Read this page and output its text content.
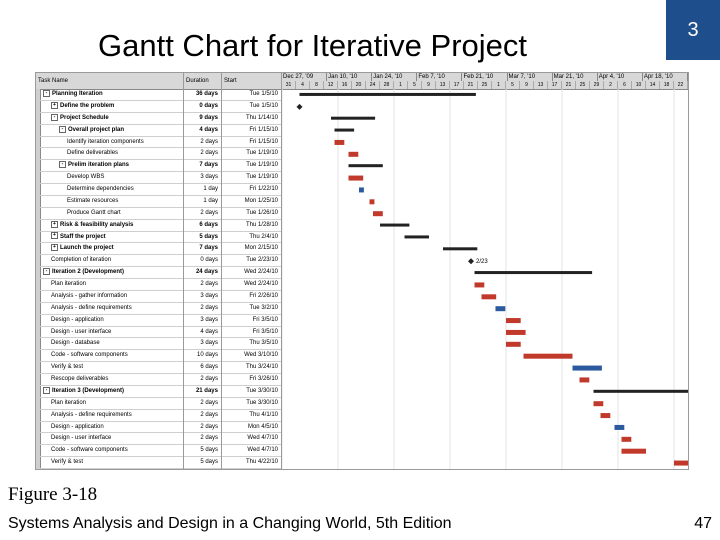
Gantt Chart for Iterative Project	3
Task Name	Duration	Start
- Planning Iteration	36 days	Tue 1/5/10
+ Define the problem	0 days	Tue 1/5/10
- Project Schedule	9 days	Thu 1/14/10
- Overall project plan	4 days	Fri 1/15/10
Identify iteration components	2 days	Fri 1/15/10
Define deliverables	2 days	Tue 1/19/10
- Prelim iteration plans	7 days	Tue 1/19/10
Develop WBS	3 days	Tue 1/19/10
Determine dependencies	1 day	Fri 1/22/10
Estimate resources	1 day	Mon 1/25/10
Produce Gantt chart	2 days	Tue 1/26/10
+ Risk & feasibility analysis	6 days	Thu 1/28/10
+ Staff the project	5 days	Thu 2/4/10
+ Launch the project	7 days	Mon 2/15/10
Completion of iteration	0 days	Tue 2/23/10
- Iteration 2 (Development)	24 days	Wed 2/24/10
Plan iteration	2 days	Wed 2/24/10
Analysis - gather information	3 days	Fri 2/26/10
Analysis - define requirements	2 days	Tue 3/2/10
Design - application	3 days	Fri 3/5/10
Design - user interface	4 days	Fri 3/5/10
Design - database	3 days	Thu 3/5/10
Code - software components	10 days	Wed 3/10/10
Verify & test	6 days	Thu 3/24/10
Rescope deliverables	2 days	Fri 3/26/10
- Iteration 3 (Development)	21 days	Tue 3/30/10
Plan iteration	2 days	Tue 3/30/10
Analysis - define requirements	2 days	Thu 4/1/10
Design - application	2 days	Mon 4/5/10
Design - user interface	2 days	Wed 4/7/10
Code - software components	5 days	Wed 4/7/10
Verify & test	5 days	Thu 4/22/10
Dec 27, '09	Jan 10, '10	Jan 24, '10	Feb 7, '10	Feb 21, '10	Mar 7, '10	Mar 21, '10	Apr 4, '10	Apr 18, '10
31	4	8	12	16	20	24	28	1	5	9	13	17	21	25	1	5	9	13	17	21	25	29	2	6	10	14	18	22
2/23
Figure 3-18
Systems Analysis and Design in a Changing World, 5th Edition	47
